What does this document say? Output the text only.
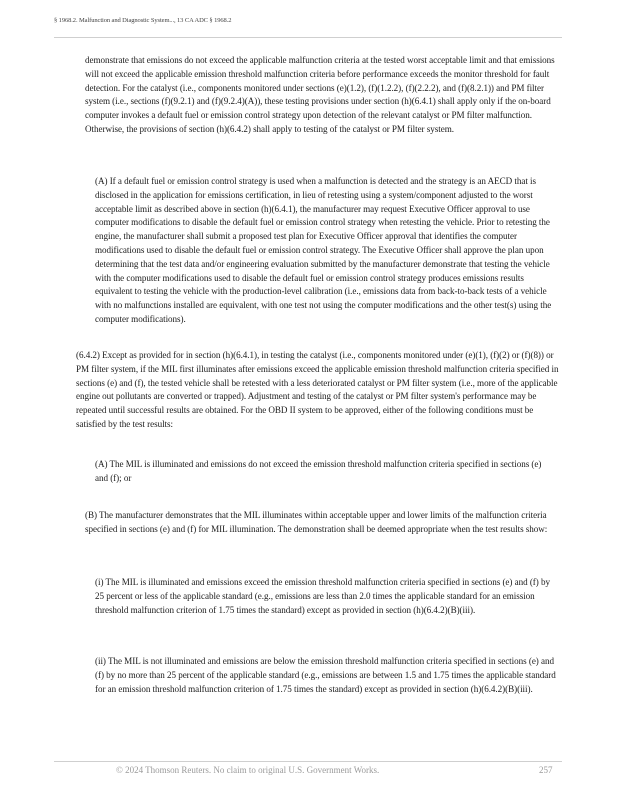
§ 1968.2. Malfunction and Diagnostic System..., 13 CA ADC § 1968.2

demonstrate that emissions do not exceed the applicable malfunction criteria at the tested worst acceptable limit and that emissions will not exceed the applicable emission threshold malfunction criteria before performance exceeds the monitor threshold for fault detection. For the catalyst (i.e., components monitored under sections (e)(1.2), (f)(1.2.2), (f)(2.2.2), and (f)(8.2.1)) and PM filter system (i.e., sections (f)(9.2.1) and (f)(9.2.4)(A)), these testing provisions under section (h)(6.4.1) shall apply only if the on-board computer invokes a default fuel or emission control strategy upon detection of the relevant catalyst or PM filter malfunction. Otherwise, the provisions of section (h)(6.4.2) shall apply to testing of the catalyst or PM filter system.

(A) If a default fuel or emission control strategy is used when a malfunction is detected and the strategy is an AECD that is disclosed in the application for emissions certification, in lieu of retesting using a system/component adjusted to the worst acceptable limit as described above in section (h)(6.4.1), the manufacturer may request Executive Officer approval to use computer modifications to disable the default fuel or emission control strategy when retesting the vehicle. Prior to retesting the engine, the manufacturer shall submit a proposed test plan for Executive Officer approval that identifies the computer modifications used to disable the default fuel or emission control strategy. The Executive Officer shall approve the plan upon determining that the test data and/or engineering evaluation submitted by the manufacturer demonstrate that testing the vehicle with the computer modifications used to disable the default fuel or emission control strategy produces emissions results equivalent to testing the vehicle with the production-level calibration (i.e., emissions data from back-to-back tests of a vehicle with no malfunctions installed are equivalent, with one test not using the computer modifications and the other test(s) using the computer modifications).

(6.4.2) Except as provided for in section (h)(6.4.1), in testing the catalyst (i.e., components monitored under (e)(1), (f)(2) or (f)(8)) or PM filter system, if the MIL first illuminates after emissions exceed the applicable emission threshold malfunction criteria specified in sections (e) and (f), the tested vehicle shall be retested with a less deteriorated catalyst or PM filter system (i.e., more of the applicable engine out pollutants are converted or trapped). Adjustment and testing of the catalyst or PM filter system's performance may be repeated until successful results are obtained. For the OBD II system to be approved, either of the following conditions must be satisfied by the test results:

(A) The MIL is illuminated and emissions do not exceed the emission threshold malfunction criteria specified in sections (e) and (f); or

(B) The manufacturer demonstrates that the MIL illuminates within acceptable upper and lower limits of the malfunction criteria specified in sections (e) and (f) for MIL illumination. The demonstration shall be deemed appropriate when the test results show:

(i) The MIL is illuminated and emissions exceed the emission threshold malfunction criteria specified in sections (e) and (f) by 25 percent or less of the applicable standard (e.g., emissions are less than 2.0 times the applicable standard for an emission threshold malfunction criterion of 1.75 times the standard) except as provided in section (h)(6.4.2)(B)(iii).

(ii) The MIL is not illuminated and emissions are below the emission threshold malfunction criteria specified in sections (e) and (f) by no more than 25 percent of the applicable standard (e.g., emissions are between 1.5 and 1.75 times the applicable standard for an emission threshold malfunction criterion of 1.75 times the standard) except as provided in section (h)(6.4.2)(B)(iii).

© 2024 Thomson Reuters. No claim to original U.S. Government Works.	257
